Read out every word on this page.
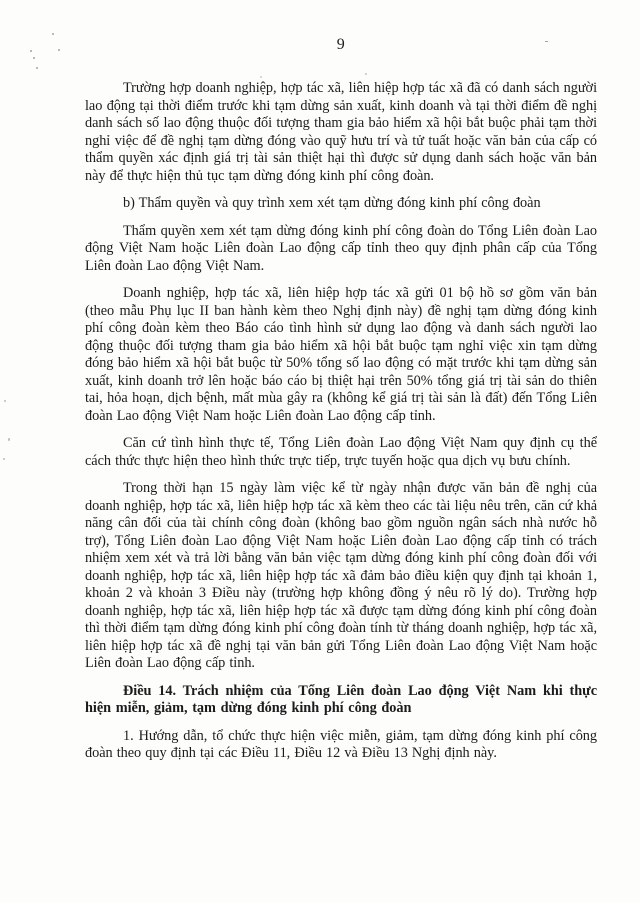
9

Trường hợp doanh nghiệp, hợp tác xã, liên hiệp hợp tác xã đã có danh sách người lao động tại thời điểm trước khi tạm dừng sản xuất, kinh doanh và tại thời điểm đề nghị danh sách số lao động thuộc đối tượng tham gia bảo hiểm xã hội bắt buộc phải tạm thời nghỉ việc để đề nghị tạm dừng đóng vào quỹ hưu trí và tử tuất hoặc văn bản của cấp có thẩm quyền xác định giá trị tài sản thiệt hại thì được sử dụng danh sách hoặc văn bản này để thực hiện thủ tục tạm dừng đóng kinh phí công đoàn.

b) Thẩm quyền và quy trình xem xét tạm dừng đóng kinh phí công đoàn

Thẩm quyền xem xét tạm dừng đóng kinh phí công đoàn do Tổng Liên đoàn Lao động Việt Nam hoặc Liên đoàn Lao động cấp tỉnh theo quy định phân cấp của Tổng Liên đoàn Lao động Việt Nam.

Doanh nghiệp, hợp tác xã, liên hiệp hợp tác xã gửi 01 bộ hồ sơ gồm văn bản (theo mẫu Phụ lục II ban hành kèm theo Nghị định này) đề nghị tạm dừng đóng kinh phí công đoàn kèm theo Báo cáo tình hình sử dụng lao động và danh sách người lao động thuộc đối tượng tham gia bảo hiểm xã hội bắt buộc tạm nghỉ việc xin tạm dừng đóng bảo hiểm xã hội bắt buộc từ 50% tổng số lao động có mặt trước khi tạm dừng sản xuất, kinh doanh trở lên hoặc báo cáo bị thiệt hại trên 50% tổng giá trị tài sản do thiên tai, hỏa hoạn, dịch bệnh, mất mùa gây ra (không kể giá trị tài sản là đất) đến Tổng Liên đoàn Lao động Việt Nam hoặc Liên đoàn Lao động cấp tỉnh.

Căn cứ tình hình thực tế, Tổng Liên đoàn Lao động Việt Nam quy định cụ thể cách thức thực hiện theo hình thức trực tiếp, trực tuyến hoặc qua dịch vụ bưu chính.

Trong thời hạn 15 ngày làm việc kể từ ngày nhận được văn bản đề nghị của doanh nghiệp, hợp tác xã, liên hiệp hợp tác xã kèm theo các tài liệu nêu trên, căn cứ khả năng cân đối của tài chính công đoàn (không bao gồm nguồn ngân sách nhà nước hỗ trợ), Tổng Liên đoàn Lao động Việt Nam hoặc Liên đoàn Lao động cấp tỉnh có trách nhiệm xem xét và trả lời bằng văn bản việc tạm dừng đóng kinh phí công đoàn đối với doanh nghiệp, hợp tác xã, liên hiệp hợp tác xã đảm bảo điều kiện quy định tại khoản 1, khoản 2 và khoản 3 Điều này (trường hợp không đồng ý nêu rõ lý do). Trường hợp doanh nghiệp, hợp tác xã, liên hiệp hợp tác xã được tạm dừng đóng kinh phí công đoàn thì thời điểm tạm dừng đóng kinh phí công đoàn tính từ tháng doanh nghiệp, hợp tác xã, liên hiệp hợp tác xã đề nghị tại văn bản gửi Tổng Liên đoàn Lao động Việt Nam hoặc Liên đoàn Lao động cấp tỉnh.

Điều 14. Trách nhiệm của Tổng Liên đoàn Lao động Việt Nam khi thực hiện miễn, giảm, tạm dừng đóng kinh phí công đoàn

1. Hướng dẫn, tổ chức thực hiện việc miễn, giảm, tạm dừng đóng kinh phí công đoàn theo quy định tại các Điều 11, Điều 12 và Điều 13 Nghị định này.
